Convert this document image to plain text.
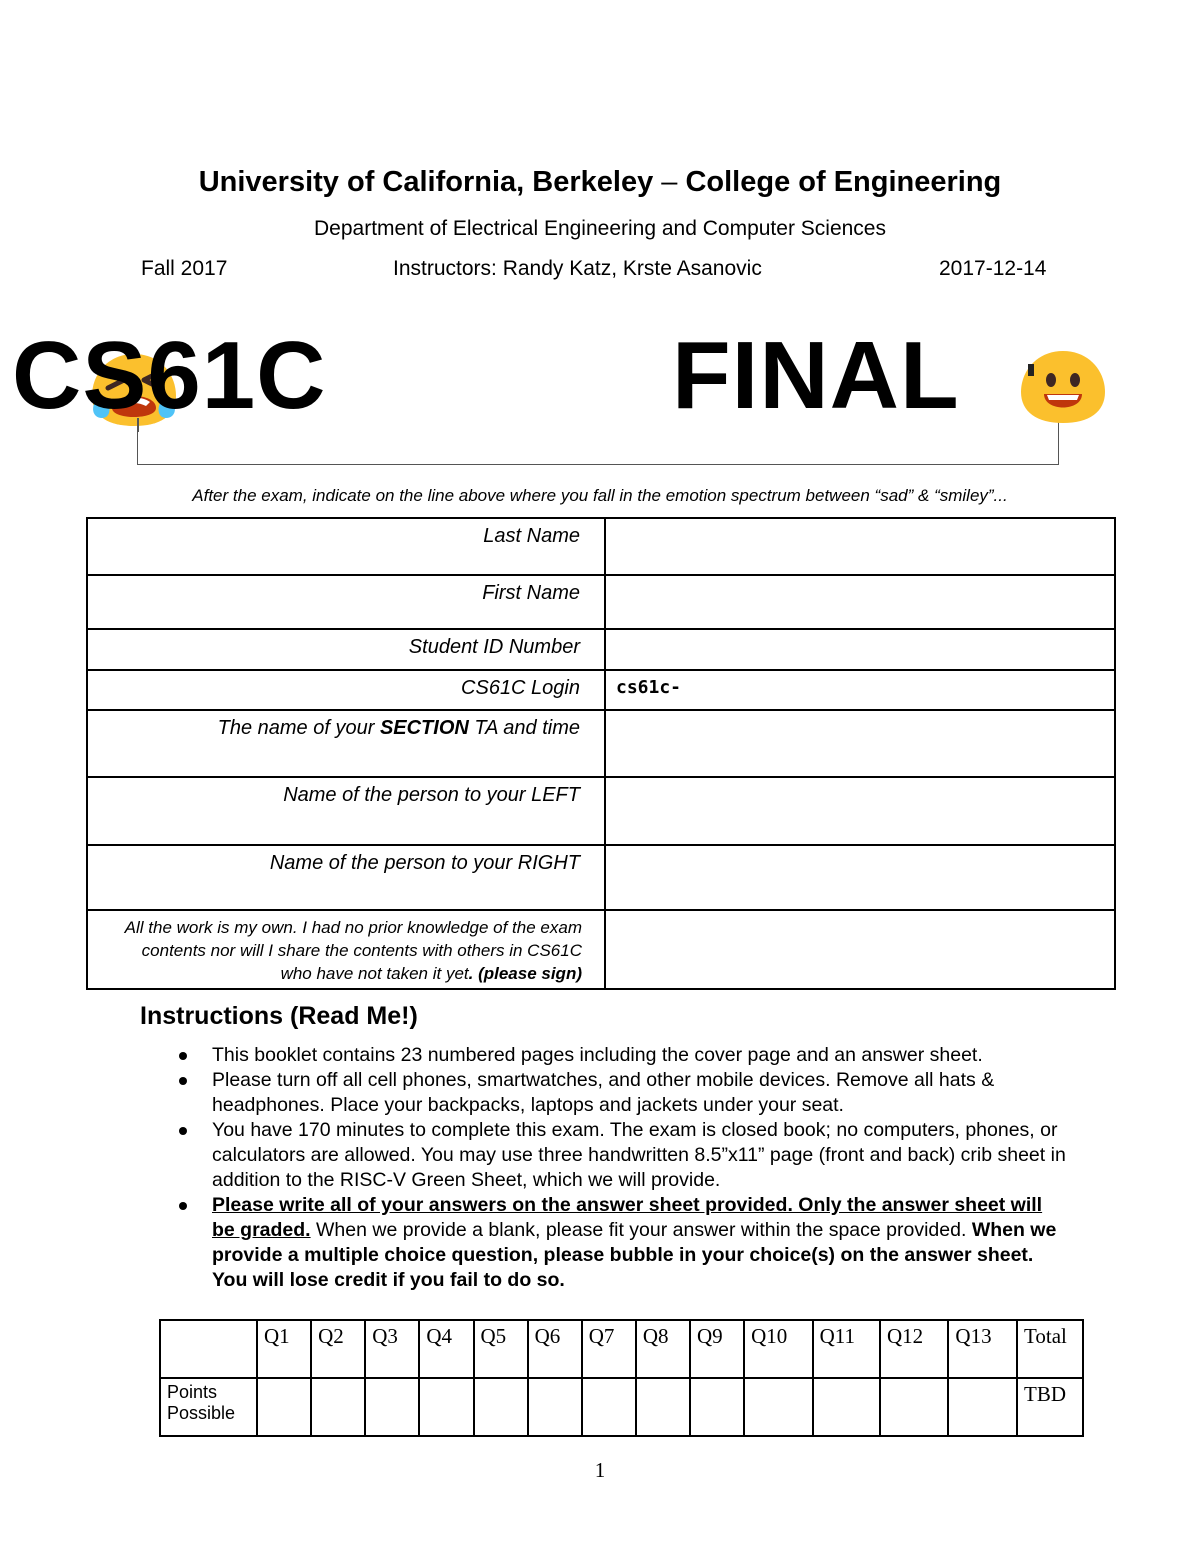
University of California, Berkeley – College of Engineering
Department of Electrical Engineering and Computer Sciences
Fall 2017	Instructors: Randy Katz, Krste Asanovic	2017-12-14
CS61C	FINAL
After the exam, indicate on the line above where you fall in the emotion spectrum between “sad” & “smiley”...
Last Name	
First Name	
Student ID Number	
CS61C Login	cs61c-
The name of your SECTION TA and time	
Name of the person to your LEFT	
Name of the person to your RIGHT	

All the work is my own. I had no prior knowledge of the exam
contents nor will I share the contents with others in CS61C
who have not taken it yet. (please sign)	

Instructions (Read Me!)
This booklet contains 23 numbered pages including the cover page and an answer sheet.
Please turn off all cell phones, smartwatches, and other mobile devices. Remove all hats & headphones. Place your backpacks, laptops and jackets under your seat.
You have 170 minutes to complete this exam. The exam is closed book; no computers, phones, or calculators are allowed. You may use three handwritten 8.5”x11” page (front and back) crib sheet in addition to the RISC-V Green Sheet, which we will provide.
Please write all of your answers on the answer sheet provided. Only the answer sheet will be graded. When we provide a blank, please fit your answer within the space provided. When we provide a multiple choice question, please bubble in your choice(s) on the answer sheet. You will lose credit if you fail to do so.
	Q1	Q2	Q3	Q4	Q5	Q6	Q7	Q8	Q9	Q10	Q11	Q12	Q13	Total
Points Possible														TBD
1
